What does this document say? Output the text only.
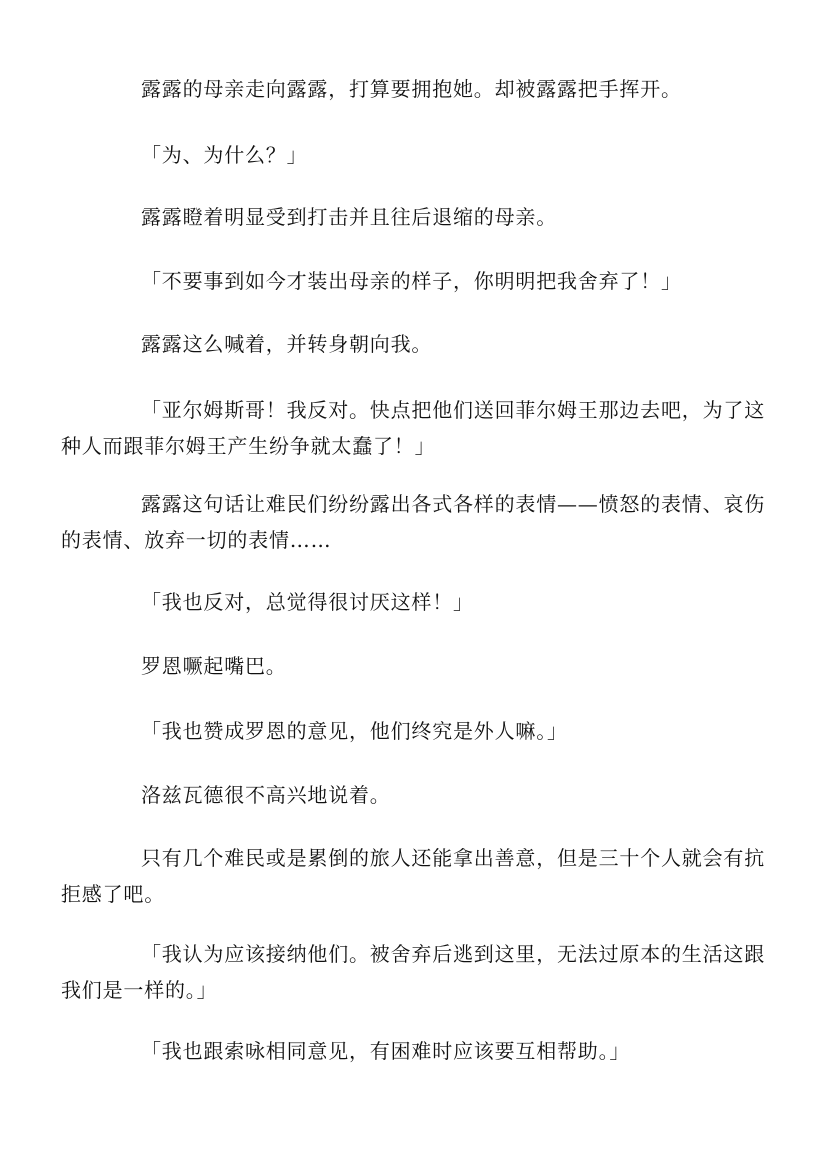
露露的母亲走向露露，打算要拥抱她。却被露露把手挥开。

「为、为什么？」

露露瞪着明显受到打击并且往后退缩的母亲。

「不要事到如今才装出母亲的样子，你明明把我舍弃了！」

露露这么喊着，并转身朝向我。

「亚尔姆斯哥！我反对。快点把他们送回菲尔姆王那边去吧，为了这种人而跟菲尔姆王产生纷争就太蠢了！」

露露这句话让难民们纷纷露出各式各样的表情——愤怒的表情、哀伤的表情、放弃一切的表情……

「我也反对，总觉得很讨厌这样！」

罗恩噘起嘴巴。

「我也赞成罗恩的意见，他们终究是外人嘛。」

洛兹瓦德很不高兴地说着。

只有几个难民或是累倒的旅人还能拿出善意，但是三十个人就会有抗拒感了吧。

「我认为应该接纳他们。被舍弃后逃到这里，无法过原本的生活这跟我们是一样的。」

「我也跟索咏相同意见，有困难时应该要互相帮助。」
